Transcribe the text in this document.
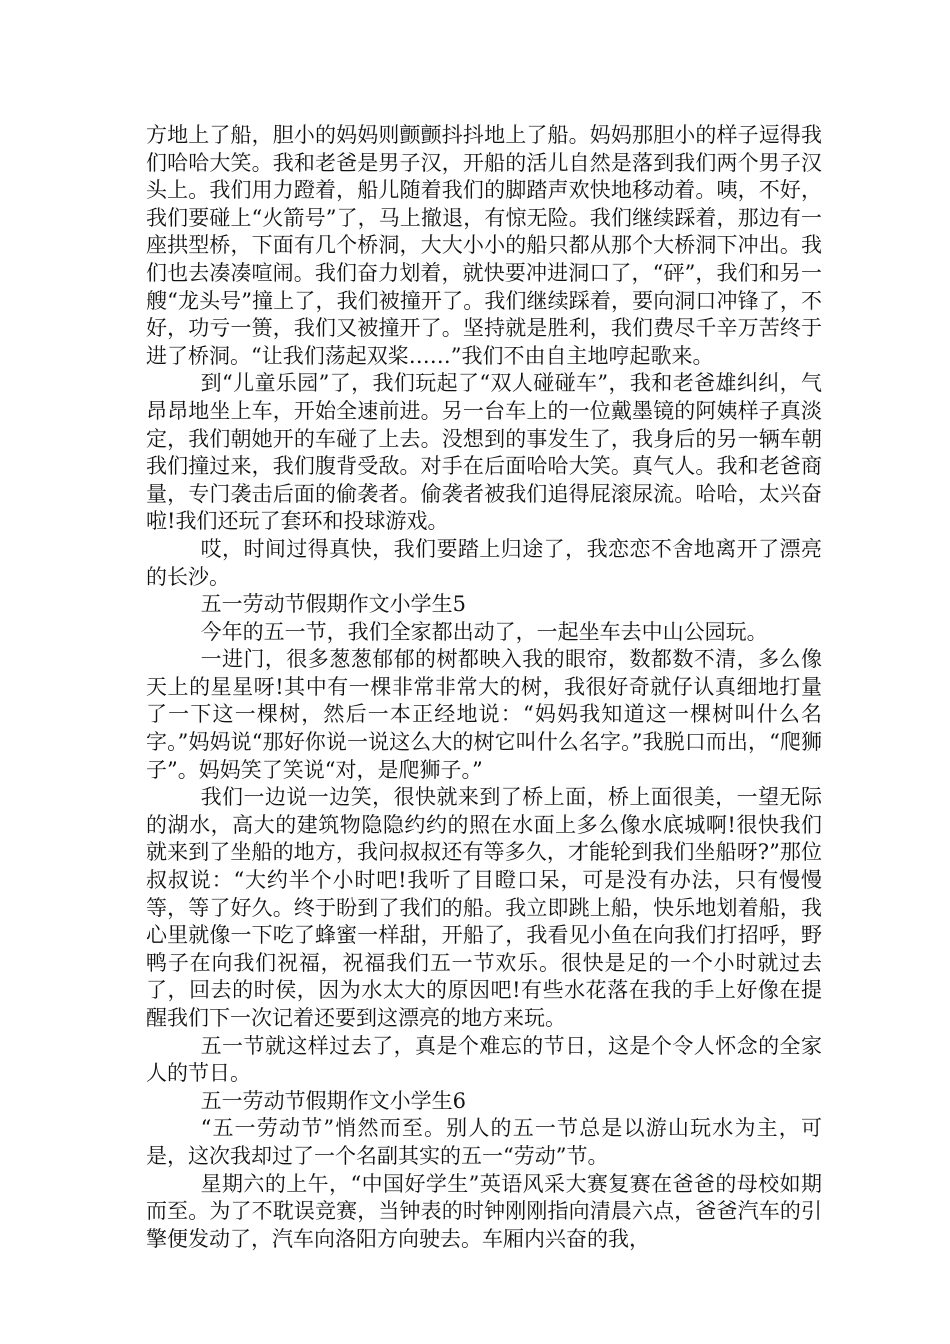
方地上了船，胆小的妈妈则颤颤抖抖地上了船。妈妈那胆小的样子逗得我们哈哈大笑。我和老爸是男子汉，开船的活儿自然是落到我们两个男子汉头上。我们用力蹬着，船儿随着我们的脚踏声欢快地移动着。咦，不好，我们要碰上“火箭号”了，马上撤退，有惊无险。我们继续踩着，那边有一座拱型桥，下面有几个桥洞，大大小小的船只都从那个大桥洞下冲出。我们也去凑凑喧闹。我们奋力划着，就快要冲进洞口了，“砰”，我们和另一艘“龙头号”撞上了，我们被撞开了。我们继续踩着，要向洞口冲锋了，不好，功亏一篑，我们又被撞开了。坚持就是胜利，我们费尽千辛万苦终于进了桥洞。“让我们荡起双桨……”我们不由自主地哼起歌来。

到“儿童乐园”了，我们玩起了“双人碰碰车”，我和老爸雄纠纠，气昂昂地坐上车，开始全速前进。另一台车上的一位戴墨镜的阿姨样子真淡定，我们朝她开的车碰了上去。没想到的事发生了，我身后的另一辆车朝我们撞过来，我们腹背受敌。对手在后面哈哈大笑。真气人。我和老爸商量，专门袭击后面的偷袭者。偷袭者被我们追得屁滚尿流。哈哈，太兴奋啦!我们还玩了套环和投球游戏。

哎，时间过得真快，我们要踏上归途了，我恋恋不舍地离开了漂亮的长沙。

五一劳动节假期作文小学生5

今年的五一节，我们全家都出动了，一起坐车去中山公园玩。

一进门，很多葱葱郁郁的树都映入我的眼帘，数都数不清，多么像天上的星星呀!其中有一棵非常非常大的树，我很好奇就仔认真细地打量了一下这一棵树，然后一本正经地说：“妈妈我知道这一棵树叫什么名字。”妈妈说“那好你说一说这么大的树它叫什么名字。”我脱口而出，“爬狮子”。妈妈笑了笑说“对，是爬狮子。”

我们一边说一边笑，很快就来到了桥上面，桥上面很美，一望无际的湖水，高大的建筑物隐隐约约的照在水面上多么像水底城啊!很快我们就来到了坐船的地方，我问叔叔还有等多久，才能轮到我们坐船呀?”那位叔叔说：“大约半个小时吧!我听了目瞪口呆，可是没有办法，只有慢慢等，等了好久。终于盼到了我们的船。我立即跳上船，快乐地划着船，我心里就像一下吃了蜂蜜一样甜，开船了，我看见小鱼在向我们打招呼，野鸭子在向我们祝福，祝福我们五一节欢乐。很快是足的一个小时就过去了，回去的时侯，因为水太大的原因吧!有些水花落在我的手上好像在提醒我们下一次记着还要到这漂亮的地方来玩。

五一节就这样过去了，真是个难忘的节日，这是个令人怀念的全家人的节日。

五一劳动节假期作文小学生6

“五一劳动节”悄然而至。别人的五一节总是以游山玩水为主，可是，这次我却过了一个名副其实的五一“劳动”节。

星期六的上午，“中国好学生”英语风采大赛复赛在爸爸的母校如期而至。为了不耽误竞赛，当钟表的时钟刚刚指向清晨六点，爸爸汽车的引擎便发动了，汽车向洛阳方向驶去。车厢内兴奋的我，
